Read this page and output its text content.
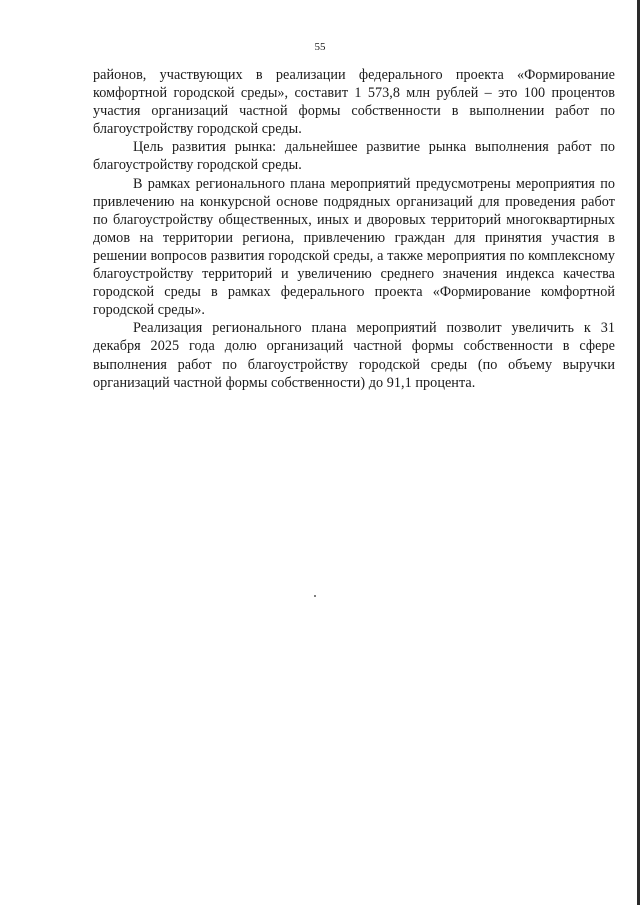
55

районов, участвующих в реализации федерального проекта «Формирование комфортной городской среды», составит 1 573,8 млн рублей – это 100 процентов участия организаций частной формы собственности в выполнении работ по благоустройству городской среды.

Цель развития рынка: дальнейшее развитие рынка выполнения работ по благоустройству городской среды.

В рамках регионального плана мероприятий предусмотрены мероприятия по привлечению на конкурсной основе подрядных организаций для проведения работ по благоустройству общественных, иных и дворовых территорий многоквартирных домов на территории региона, привлечению граждан для принятия участия в решении вопросов развития городской среды, а также мероприятия по комплексному благоустройству территорий и увеличению среднего значения индекса качества городской среды в рамках федерального проекта «Формирование комфортной городской среды».

Реализация регионального плана мероприятий позволит увеличить к 31 декабря 2025 года долю организаций частной формы собственности в сфере выполнения работ по благоустройству городской среды (по объему выручки организаций частной формы собственности) до 91,1 процента.
